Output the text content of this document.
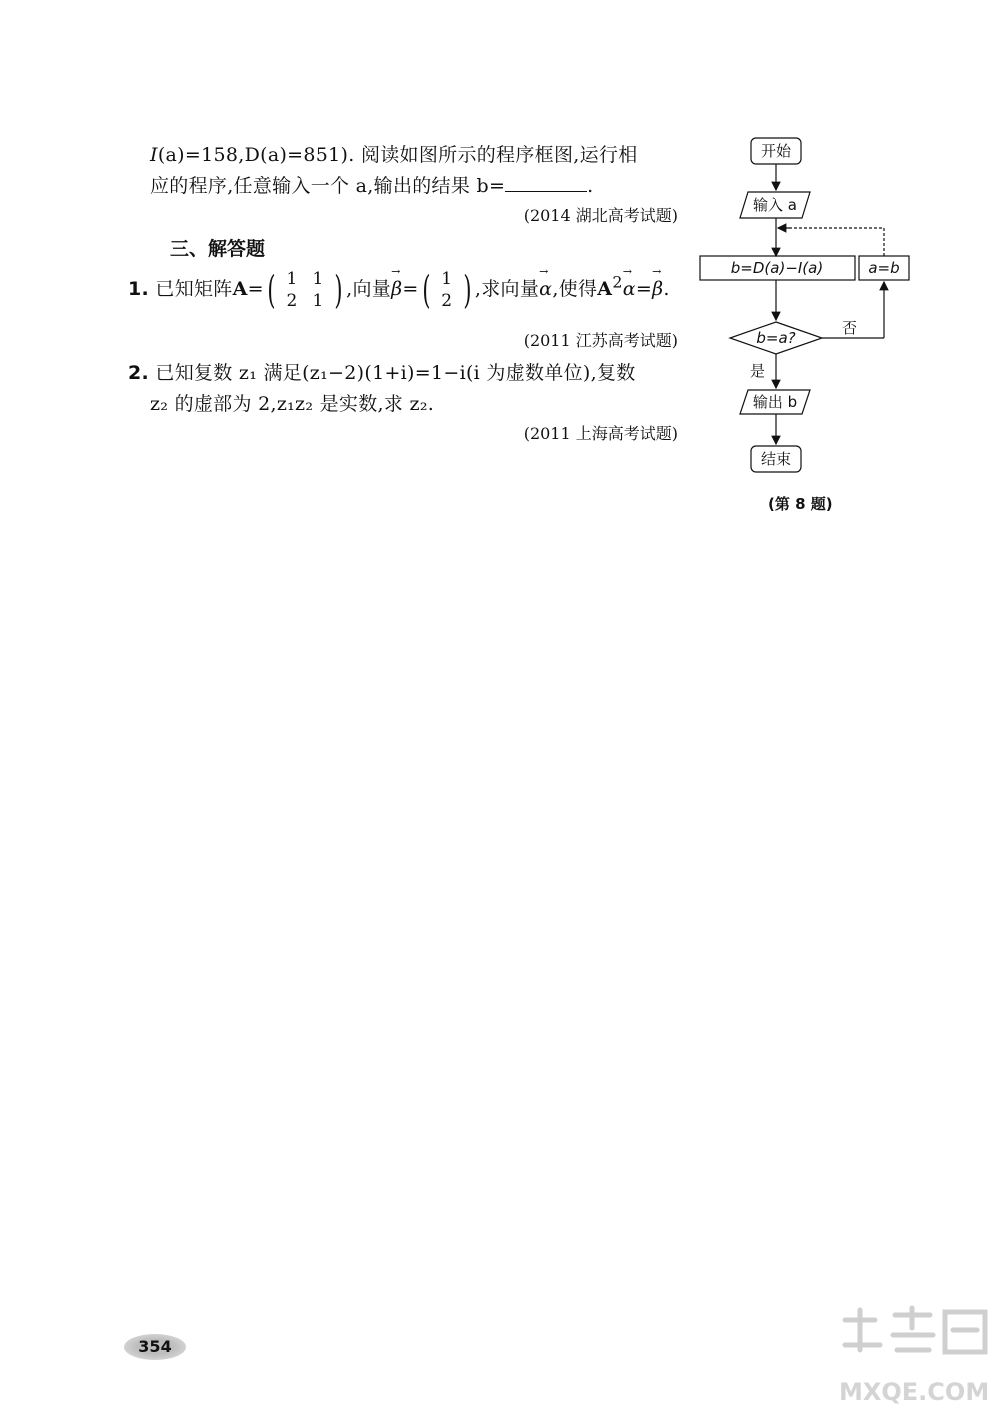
I(a)=158,D(a)=851). 阅读如图所示的程序框图,运行相
应的程序,任意输入一个 a,输出的结果 b=	.
(2014 湖北高考试题)
三、解答题
1. 已知矩阵A=( 1 1
2 1 ) ,向量→ β=( 1
2 ) ,求向量→ α,使得$A^2\to \alpha=\to \beta$.
(2011 江苏高考试题)
2. 已知复数 z₁ 满足(z₁−2)(1+i)=1−i(i 为虚数单位),复数
z₂ 的虚部为 2,z₁z₂ 是实数,求 z₂.
(2011 上海高考试题)
开始
输入 a
b=D(a)−I(a)	a=b
b=a?
否
是
输出 b
结束
(第 8 题)
354
MXQE.COM
